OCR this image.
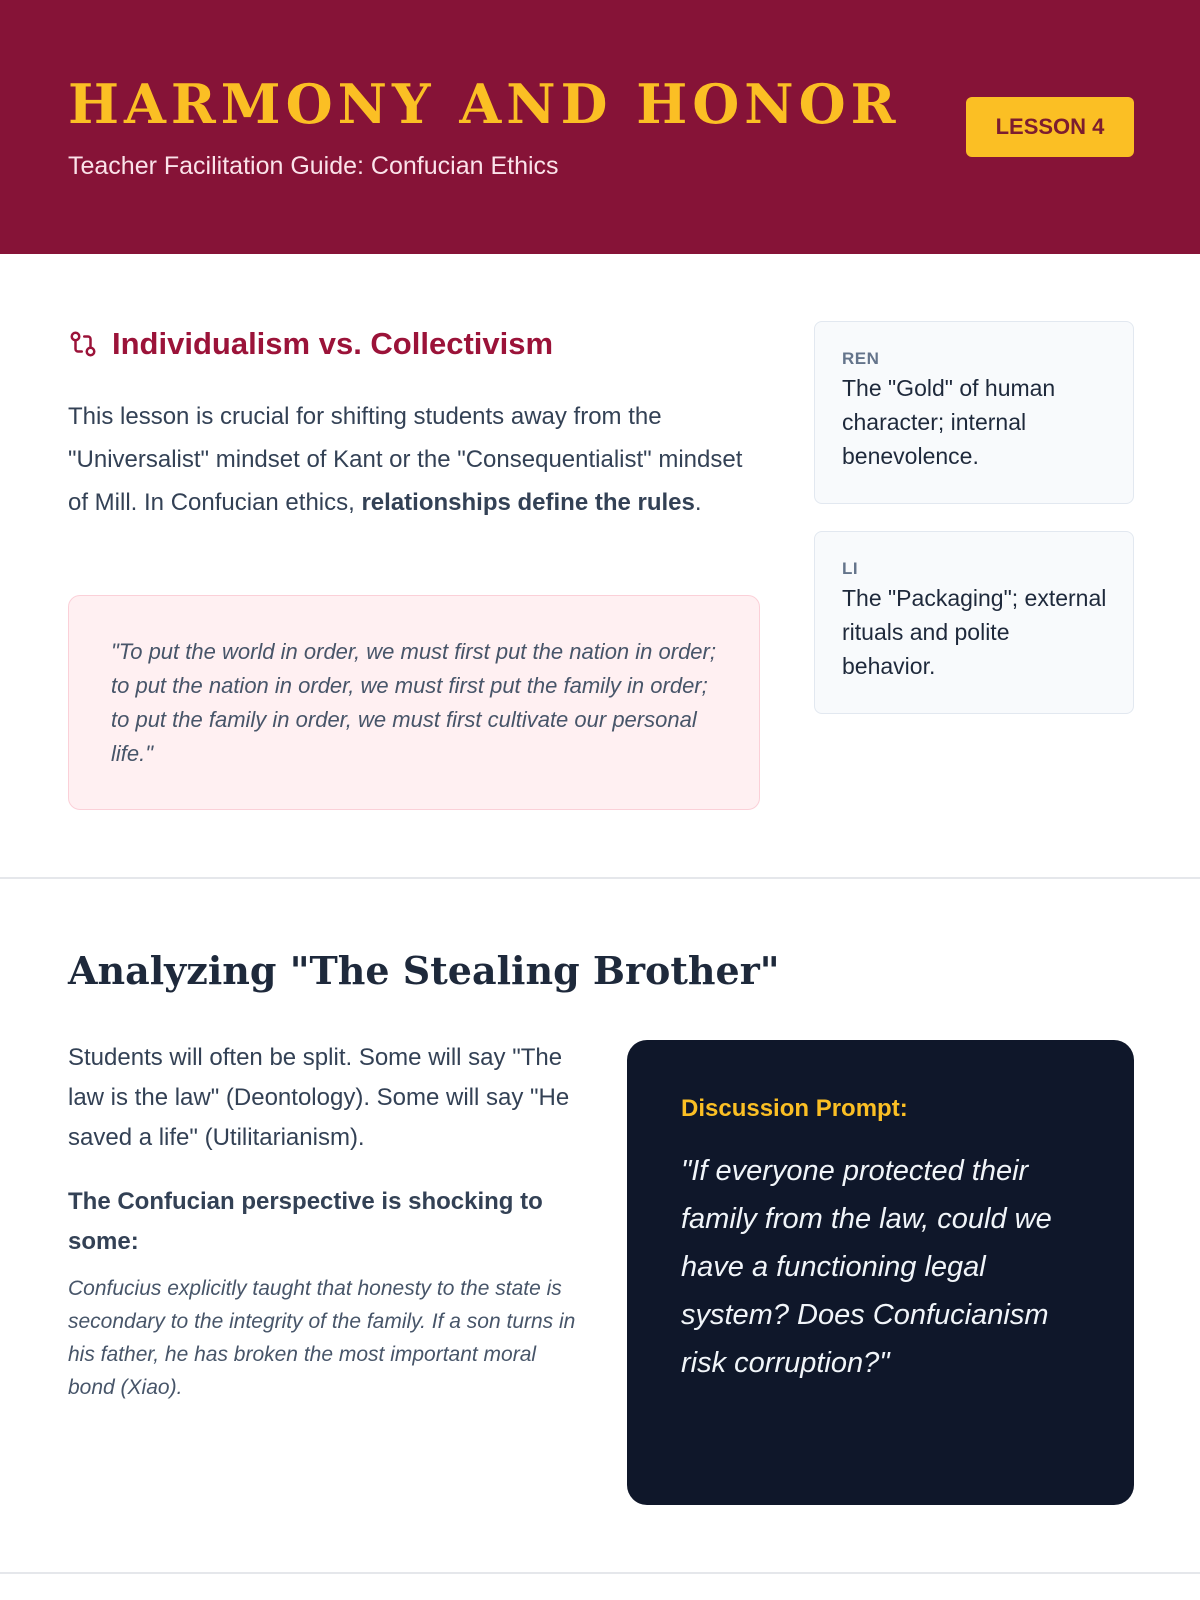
HARMONY AND HONOR
Teacher Facilitation Guide: Confucian Ethics
LESSON 4
Individualism vs. Collectivism

This lesson is crucial for shifting students away from the "Universalist" mindset of Kant or the "Consequentialist" mindset of Mill. In Confucian ethics, relationships define the rules.

"To put the world in order, we must first put the nation in order; to put the nation in order, we must first put the family in order; to put the family in order, we must first cultivate our personal life."

REN
The "Gold" of human character; internal benevolence.
LI
The "Packaging"; external rituals and polite behavior.
Analyzing "The Stealing Brother"

Students will often be split. Some will say "The law is the law" (Deontology). Some will say "He saved a life" (Utilitarianism).

The Confucian perspective is shocking to some:

Confucius explicitly taught that honesty to the state is secondary to the integrity of the family. If a son turns in his father, he has broken the most important moral bond (Xiao).

Discussion Prompt:
"If everyone protected their family from the law, could we have a functioning legal system? Does Confucianism risk corruption?"
